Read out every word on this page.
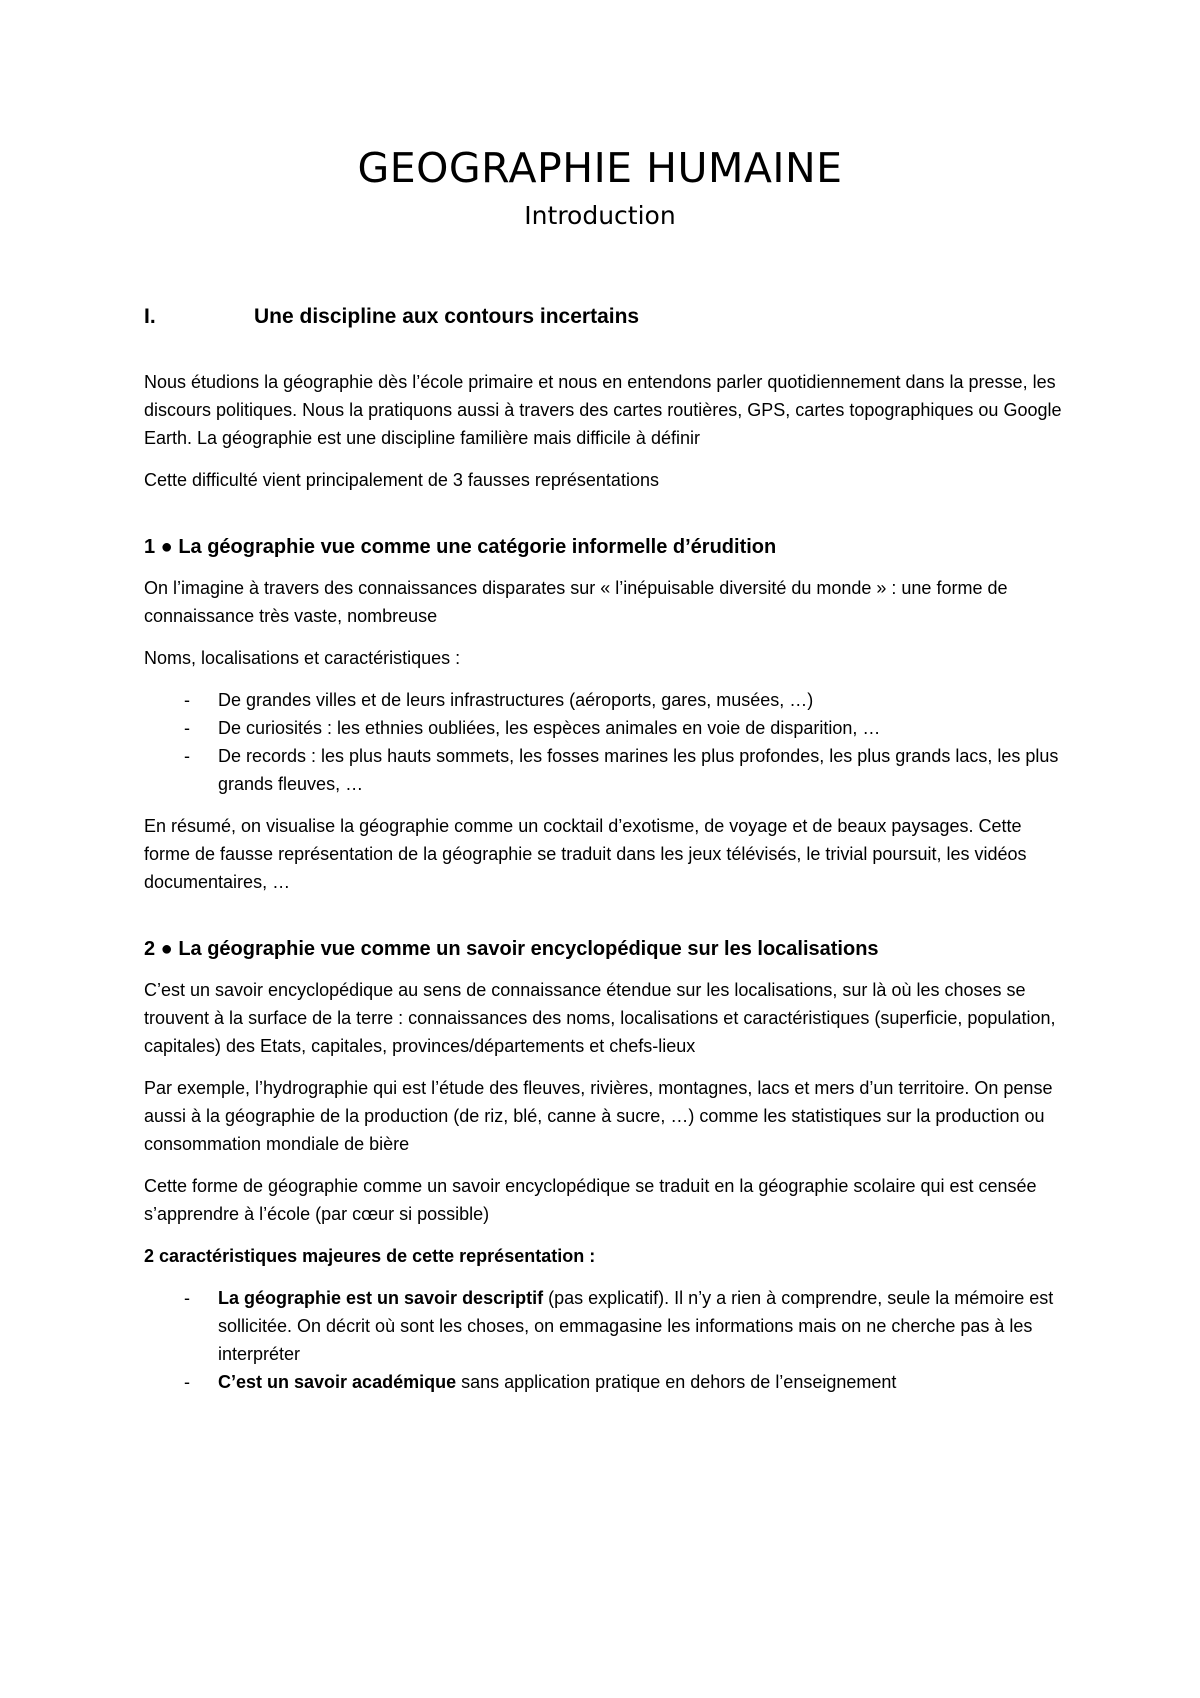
GEOGRAPHIE HUMAINE
Introduction
I.	Une discipline aux contours incertains

Nous étudions la géographie dès l’école primaire et nous en entendons parler quotidiennement dans la presse, les discours politiques. Nous la pratiquons aussi à travers des cartes routières, GPS, cartes topographiques ou Google Earth. La géographie est une discipline familière mais difficile à définir

Cette difficulté vient principalement de 3 fausses représentations

1 ● La géographie vue comme une catégorie informelle d’érudition

On l’imagine à travers des connaissances disparates sur « l’inépuisable diversité du monde » : une forme de connaissance très vaste, nombreuse

Noms, localisations et caractéristiques :

- De grandes villes et de leurs infrastructures (aéroports, gares, musées, …)
- De curiosités : les ethnies oubliées, les espèces animales en voie de disparition, …
- De records : les plus hauts sommets, les fosses marines les plus profondes, les plus grands lacs, les plus grands fleuves, …

En résumé, on visualise la géographie comme un cocktail d’exotisme, de voyage et de beaux paysages. Cette forme de fausse représentation de la géographie se traduit dans les jeux télévisés, le trivial poursuit, les vidéos documentaires, …

2 ● La géographie vue comme un savoir encyclopédique sur les localisations

C’est un savoir encyclopédique au sens de connaissance étendue sur les localisations, sur là où les choses se trouvent à la surface de la terre : connaissances des noms, localisations et caractéristiques (superficie, population, capitales) des Etats, capitales, provinces/départements et chefs-lieux

Par exemple, l’hydrographie qui est l’étude des fleuves, rivières, montagnes, lacs et mers d’un territoire. On pense aussi à la géographie de la production (de riz, blé, canne à sucre, …) comme les statistiques sur la production ou consommation mondiale de bière

Cette forme de géographie comme un savoir encyclopédique se traduit en la géographie scolaire qui est censée s’apprendre à l’école (par cœur si possible)

2 caractéristiques majeures de cette représentation :

- La géographie est un savoir descriptif (pas explicatif). Il n’y a rien à comprendre, seule la mémoire est sollicitée. On décrit où sont les choses, on emmagasine les informations mais on ne cherche pas à les interpréter
- C’est un savoir académique sans application pratique en dehors de l’enseignement
